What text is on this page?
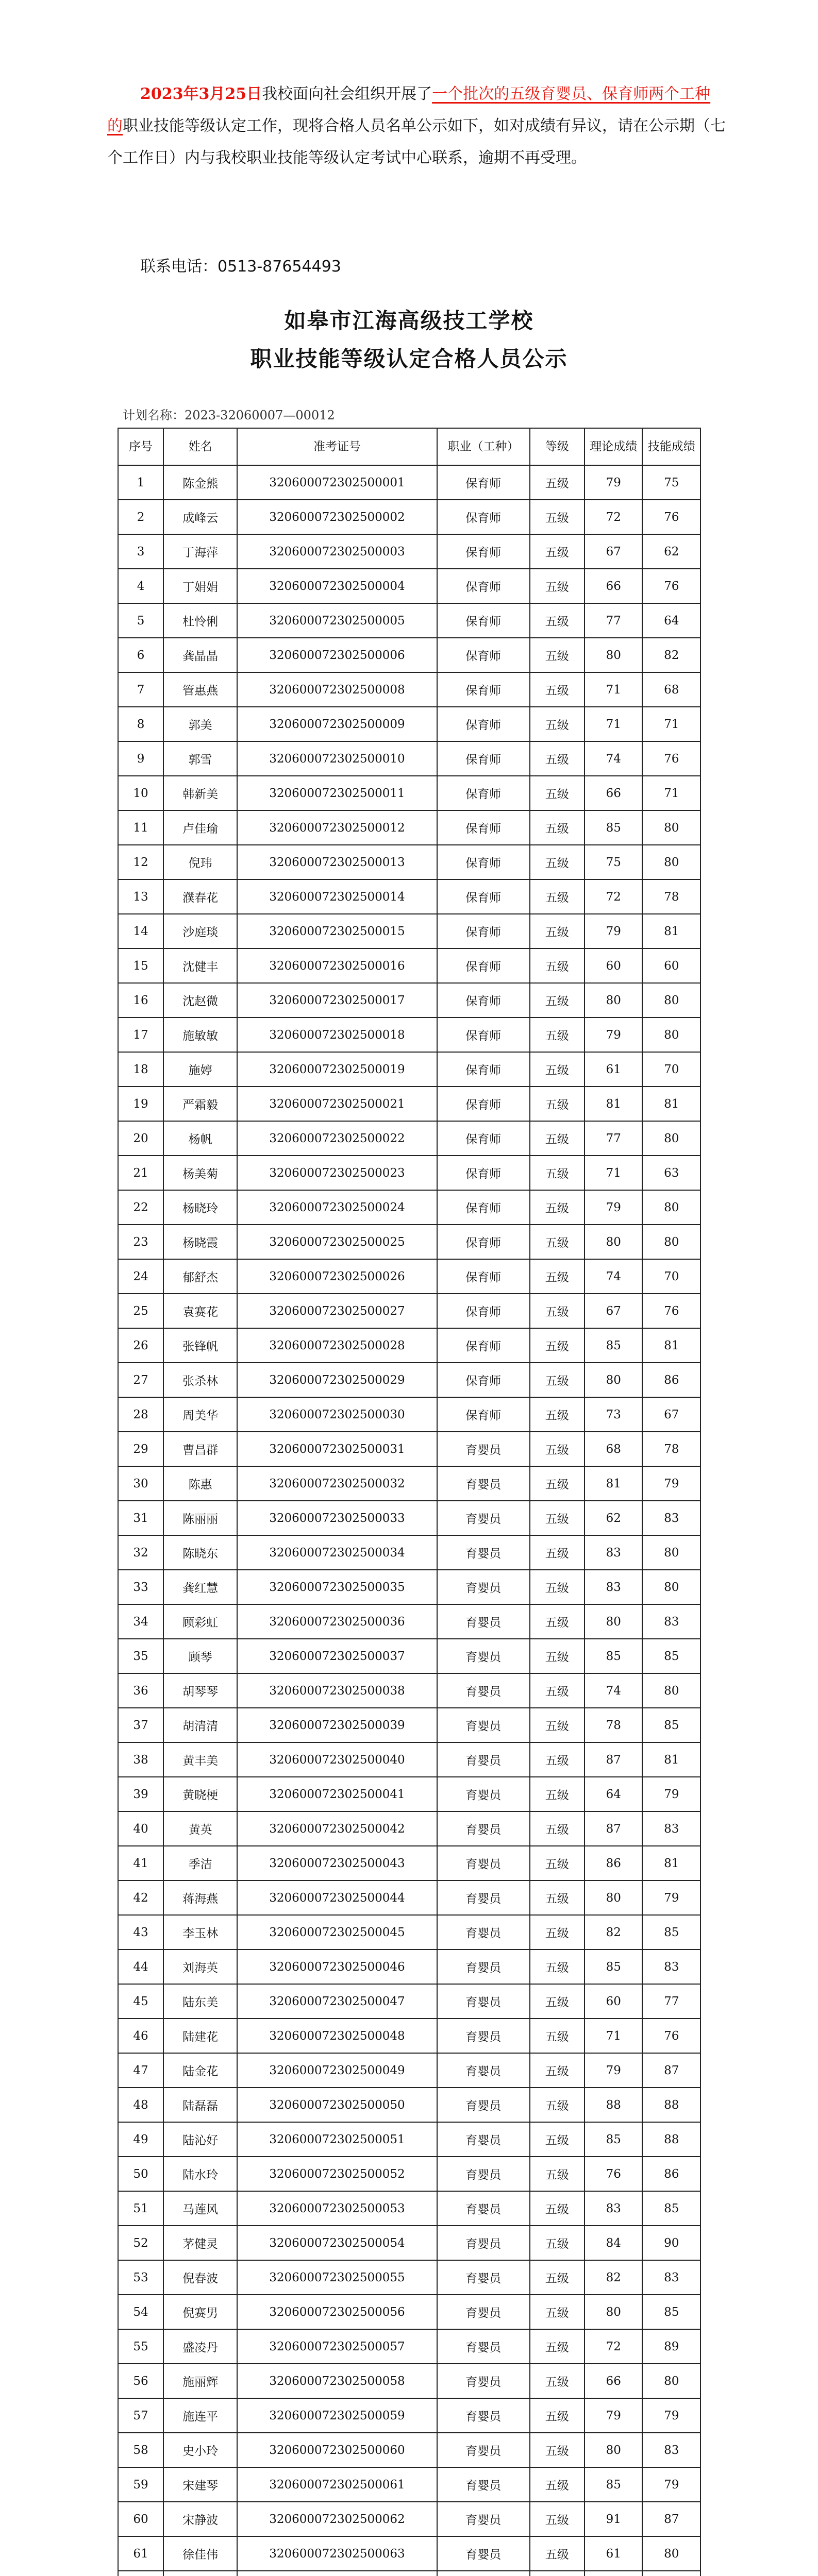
2023年3月25日我校面向社会组织开展了一个批次的五级育婴员、保育师两个工种的职业技能等级认定工作，现将合格人员名单公示如下，如对成绩有异议，请在公示期（七个工作日）内与我校职业技能等级认定考试中心联系，逾期不再受理。

联系电话：0513-87654493
如皋市江海高级技工学校
职业技能等级认定合格人员公示
计划名称：2023-32060007—00012
序号	姓名	准考证号	职业（工种）	等级	理论成绩	技能成绩
1	陈金熊	320600072302500001	保育师	五级	79	75
2	成峰云	320600072302500002	保育师	五级	72	76
3	丁海萍	320600072302500003	保育师	五级	67	62
4	丁娟娟	320600072302500004	保育师	五级	66	76
5	杜怜俐	320600072302500005	保育师	五级	77	64
6	龚晶晶	320600072302500006	保育师	五级	80	82
7	管惠燕	320600072302500008	保育师	五级	71	68
8	郭美	320600072302500009	保育师	五级	71	71
9	郭雪	320600072302500010	保育师	五级	74	76
10	韩新美	320600072302500011	保育师	五级	66	71
11	卢佳瑜	320600072302500012	保育师	五级	85	80
12	倪玮	320600072302500013	保育师	五级	75	80
13	濮春花	320600072302500014	保育师	五级	72	78
14	沙庭琰	320600072302500015	保育师	五级	79	81
15	沈健丰	320600072302500016	保育师	五级	60	60
16	沈赵微	320600072302500017	保育师	五级	80	80
17	施敏敏	320600072302500018	保育师	五级	79	80
18	施婷	320600072302500019	保育师	五级	61	70
19	严霜毅	320600072302500021	保育师	五级	81	81
20	杨帆	320600072302500022	保育师	五级	77	80
21	杨美菊	320600072302500023	保育师	五级	71	63
22	杨晓玲	320600072302500024	保育师	五级	79	80
23	杨晓霞	320600072302500025	保育师	五级	80	80
24	郁舒杰	320600072302500026	保育师	五级	74	70
25	袁赛花	320600072302500027	保育师	五级	67	76
26	张锋帆	320600072302500028	保育师	五级	85	81
27	张杀林	320600072302500029	保育师	五级	80	86
28	周美华	320600072302500030	保育师	五级	73	67
29	曹昌群	320600072302500031	育婴员	五级	68	78
30	陈惠	320600072302500032	育婴员	五级	81	79
31	陈丽丽	320600072302500033	育婴员	五级	62	83
32	陈晓东	320600072302500034	育婴员	五级	83	80
33	龚红慧	320600072302500035	育婴员	五级	83	80
34	顾彩虹	320600072302500036	育婴员	五级	80	83
35	顾琴	320600072302500037	育婴员	五级	85	85
36	胡琴琴	320600072302500038	育婴员	五级	74	80
37	胡清清	320600072302500039	育婴员	五级	78	85
38	黄丰美	320600072302500040	育婴员	五级	87	81
39	黄晓梗	320600072302500041	育婴员	五级	64	79
40	黄英	320600072302500042	育婴员	五级	87	83
41	季洁	320600072302500043	育婴员	五级	86	81
42	蒋海燕	320600072302500044	育婴员	五级	80	79
43	李玉林	320600072302500045	育婴员	五级	82	85
44	刘海英	320600072302500046	育婴员	五级	85	83
45	陆东美	320600072302500047	育婴员	五级	60	77
46	陆建花	320600072302500048	育婴员	五级	71	76
47	陆金花	320600072302500049	育婴员	五级	79	87
48	陆磊磊	320600072302500050	育婴员	五级	88	88
49	陆沁好	320600072302500051	育婴员	五级	85	88
50	陆水玲	320600072302500052	育婴员	五级	76	86
51	马莲风	320600072302500053	育婴员	五级	83	85
52	茅健灵	320600072302500054	育婴员	五级	84	90
53	倪春波	320600072302500055	育婴员	五级	82	83
54	倪赛男	320600072302500056	育婴员	五级	80	85
55	盛凌丹	320600072302500057	育婴员	五级	72	89
56	施丽辉	320600072302500058	育婴员	五级	66	80
57	施连平	320600072302500059	育婴员	五级	79	79
58	史小玲	320600072302500060	育婴员	五级	80	83
59	宋建琴	320600072302500061	育婴员	五级	85	79
60	宋静波	320600072302500062	育婴员	五级	91	87
61	徐佳伟	320600072302500063	育婴员	五级	61	80
